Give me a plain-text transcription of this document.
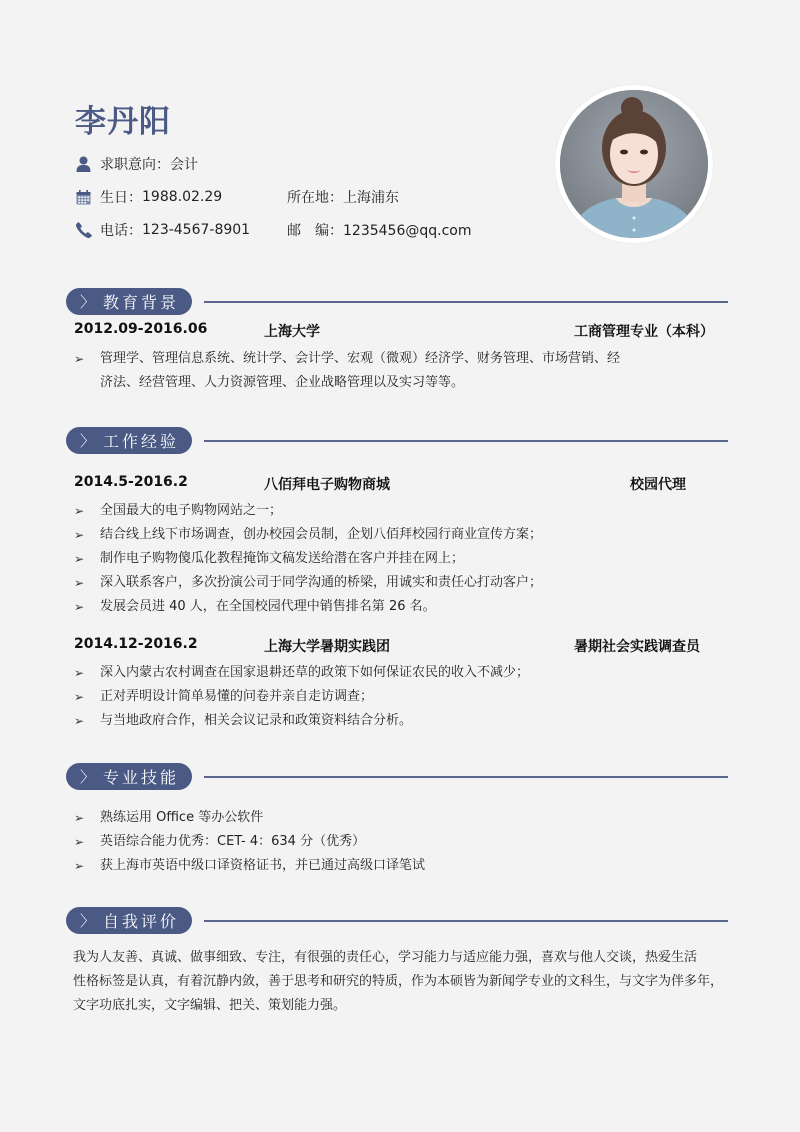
李丹阳
求职意向： 会计
生日： 1988.02.29	所在地：上海浦东
电话： 123-4567-8901	邮　编：1235456@qq.com
〉 教育背景
2012.09-2016.06	上海大学	工商管理专业（本科）
➢	管理学、管理信息系统、统计学、会计学、宏观（微观）经济学、财务管理、市场营销、经
济法、经营管理、人力资源管理、企业战略管理以及实习等等。
〉 工作经验
2014.5-2016.2	八佰拜电子购物商城	校园代理
➢	全国最大的电子购物网站之一；
➢	结合线上线下市场调查，创办校园会员制，企划八佰拜校园行商业宣传方案；
➢	制作电子购物傻瓜化教程掩饰文稿发送给潜在客户并挂在网上；
➢	深入联系客户，多次扮演公司于同学沟通的桥梁，用诚实和责任心打动客户；
➢	发展会员进 40 人，在全国校园代理中销售排名第 26 名。
2014.12-2016.2	上海大学暑期实践团	暑期社会实践调查员
➢	深入内蒙古农村调查在国家退耕还草的政策下如何保证农民的收入不减少；
➢	正对弄明设计简单易懂的问卷并亲自走访调查；
➢	与当地政府合作，相关会议记录和政策资料结合分析。
〉 专业技能
➢	熟练运用 Office 等办公软件
➢	英语综合能力优秀：CET- 4：634 分（优秀）
➢	获上海市英语中级口译资格证书，并已通过高级口译笔试
〉 自我评价
我为人友善、真诚、做事细致、专注，有很强的责任心，学习能力与适应能力强，喜欢与他人交谈，热爱生活
性格标签是认真，有着沉静内敛，善于思考和研究的特质，作为本硕皆为新闻学专业的文科生，与文字为伴多年，
文字功底扎实，文字编辑、把关、策划能力强。
